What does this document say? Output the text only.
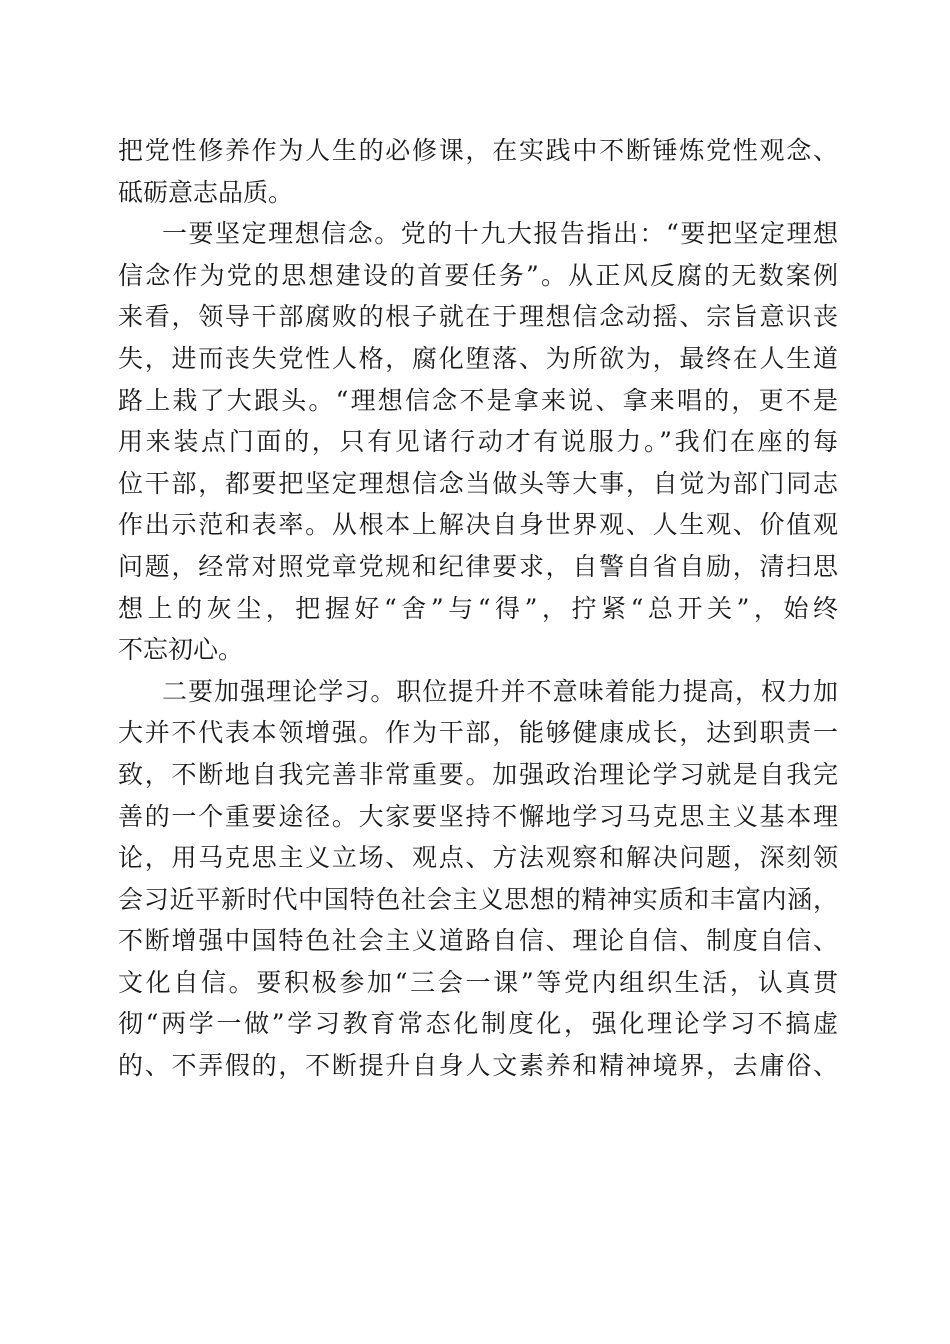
把党性修养作为人生的必修课，在实践中不断锤炼党性观念、
砥砺意志品质。
一要坚定理想信念。党的十九大报告指出：“要把坚定理想
信念作为党的思想建设的首要任务”。从正风反腐的无数案例
来看，领导干部腐败的根子就在于理想信念动摇、宗旨意识丧
失，进而丧失党性人格，腐化堕落、为所欲为，最终在人生道
路上栽了大跟头。“理想信念不是拿来说、拿来唱的，更不是
用来装点门面的，只有见诸行动才有说服力。”我们在座的每
位干部，都要把坚定理想信念当做头等大事，自觉为部门同志
作出示范和表率。从根本上解决自身世界观、人生观、价值观
问题，经常对照党章党规和纪律要求，自警自省自励，清扫思
想上的灰尘，把握好“舍”与“得”，拧紧“总开关”，始终
不忘初心。
二要加强理论学习。职位提升并不意味着能力提高，权力加
大并不代表本领增强。作为干部，能够健康成长，达到职责一
致，不断地自我完善非常重要。加强政治理论学习就是自我完
善的一个重要途径。大家要坚持不懈地学习马克思主义基本理
论，用马克思主义立场、观点、方法观察和解决问题，深刻领
会习近平新时代中国特色社会主义思想的精神实质和丰富内涵，
不断增强中国特色社会主义道路自信、理论自信、制度自信、
文化自信。要积极参加“三会一课”等党内组织生活，认真贯
彻“两学一做”学习教育常态化制度化，强化理论学习不搞虚
的、不弄假的，不断提升自身人文素养和精神境界，去庸俗、
